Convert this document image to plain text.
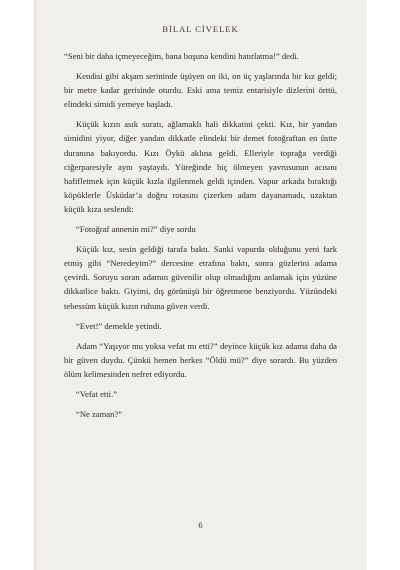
BİLAL CİVELEK

“Seni bir daha içmeyeceğim, bana boşuna kendini hatırlatma!” dedi.

Kendisi gibi akşam serininde üşüyen on iki, on üç yaşlarında bir kız geldi; bir metre kadar gerisinde oturdu. Eski ama temiz entarisiyle dizlerini örttü, elindeki simidi yemeye başladı.

Küçük kızın asık suratı, ağlamaklı hali dikkatini çekti. Kız, bir yandan simidini yiyor, diğer yandan dikkatle elindeki bir demet fotoğraftan en üstte duranına bakıyordu. Kızı Öykü aklına geldi. Elleriyle toprağa verdiği ciğerparesiyle aynı yaştaydı. Yüreğinde hiç ölmeyen yavrusunun acısını hafifletmek için küçük kızla ilgilenmek geldi içinden. Vapur arkada bıraktığı köpüklerle Üsküdar’a doğru rotasını çizerken adam dayanamadı, uzaktan küçük kıza seslendi:

“Fotoğraf annenin mi?” diye sordu

Küçük kız, sesin geldiği tarafa baktı. Sanki vapurda olduğunu yeni fark etmiş gibi “Neredeyim?” dercesine etrafına baktı, sonra gözlerini adama çevirdi. Soruyu soran adamın güvenilir olup olmadığını anlamak için yüzüne dikkatlice baktı. Giyimi, dış görünüşü bir öğretmene benziyordu. Yüzündeki tebessüm küçük kızın ruhuna güven verdi.

“Evet!” demekle yetindi.

Adam “Yaşıyor mu yoksa vefat mı etti?” deyince küçük kız adama daha da bir güven duydu. Çünkü hemen herkes “Öldü mü?” diye sorardı. Bu yüzden ölüm kelimesinden nefret ediyordu.

“Vefat etti.”

“Ne zaman?”

6
